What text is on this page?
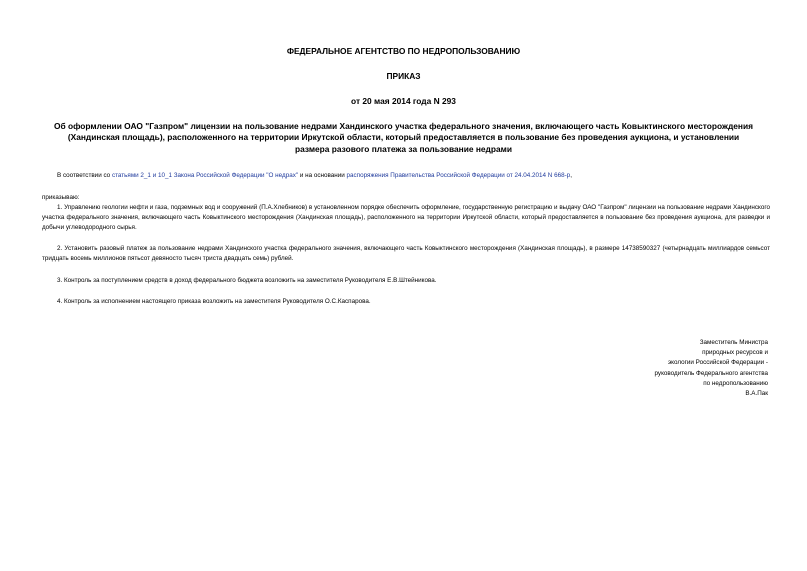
ФЕДЕРАЛЬНОЕ АГЕНТСТВО ПО НЕДРОПОЛЬЗОВАНИЮ
ПРИКАЗ
от 20 мая 2014 года N 293
Об оформлении ОАО "Газпром" лицензии на пользование недрами Хандинского участка федерального значения, включающего часть Ковыктинского месторождения (Хандинская площадь), расположенного на территории Иркутской области, который предоставляется в пользование без проведения аукциона, и установлении размера разового платежа за пользование недрами
В соответствии со статьями 2_1 и 10_1 Закона Российской Федерации "О недрах" и на основании распоряжения Правительства Российской Федерации от 24.04.2014 N 668-р,
приказываю:
1. Управлению геологии нефти и газа, подземных вод и сооружений (П.А.Хлебников) в установленном порядке обеспечить оформление, государственную регистрацию и выдачу ОАО "Газпром" лицензии на пользование недрами Хандинского участка федерального значения, включающего часть Ковыктинского месторождения (Хандинская площадь), расположенного на территории Иркутской области, который предоставляется в пользование без проведения аукциона, для разведки и добычи углеводородного сырья.
2. Установить разовый платеж за пользование недрами Хандинского участка федерального значения, включающего часть Ковыктинского месторождения (Хандинская площадь), в размере 14738590327 (четырнадцать миллиардов семьсот тридцать восемь миллионов пятьсот девяносто тысяч триста двадцать семь) рублей.
3. Контроль за поступлением средств в доход федерального бюджета возложить на заместителя Руководителя Е.В.Штейникова.
4. Контроль за исполнением настоящего приказа возложить на заместителя Руководителя О.С.Каспарова.
Заместитель Министра
природных ресурсов и
экологии Российской Федерации -
руководитель Федерального агентства
по недропользованию
В.А.Пак
